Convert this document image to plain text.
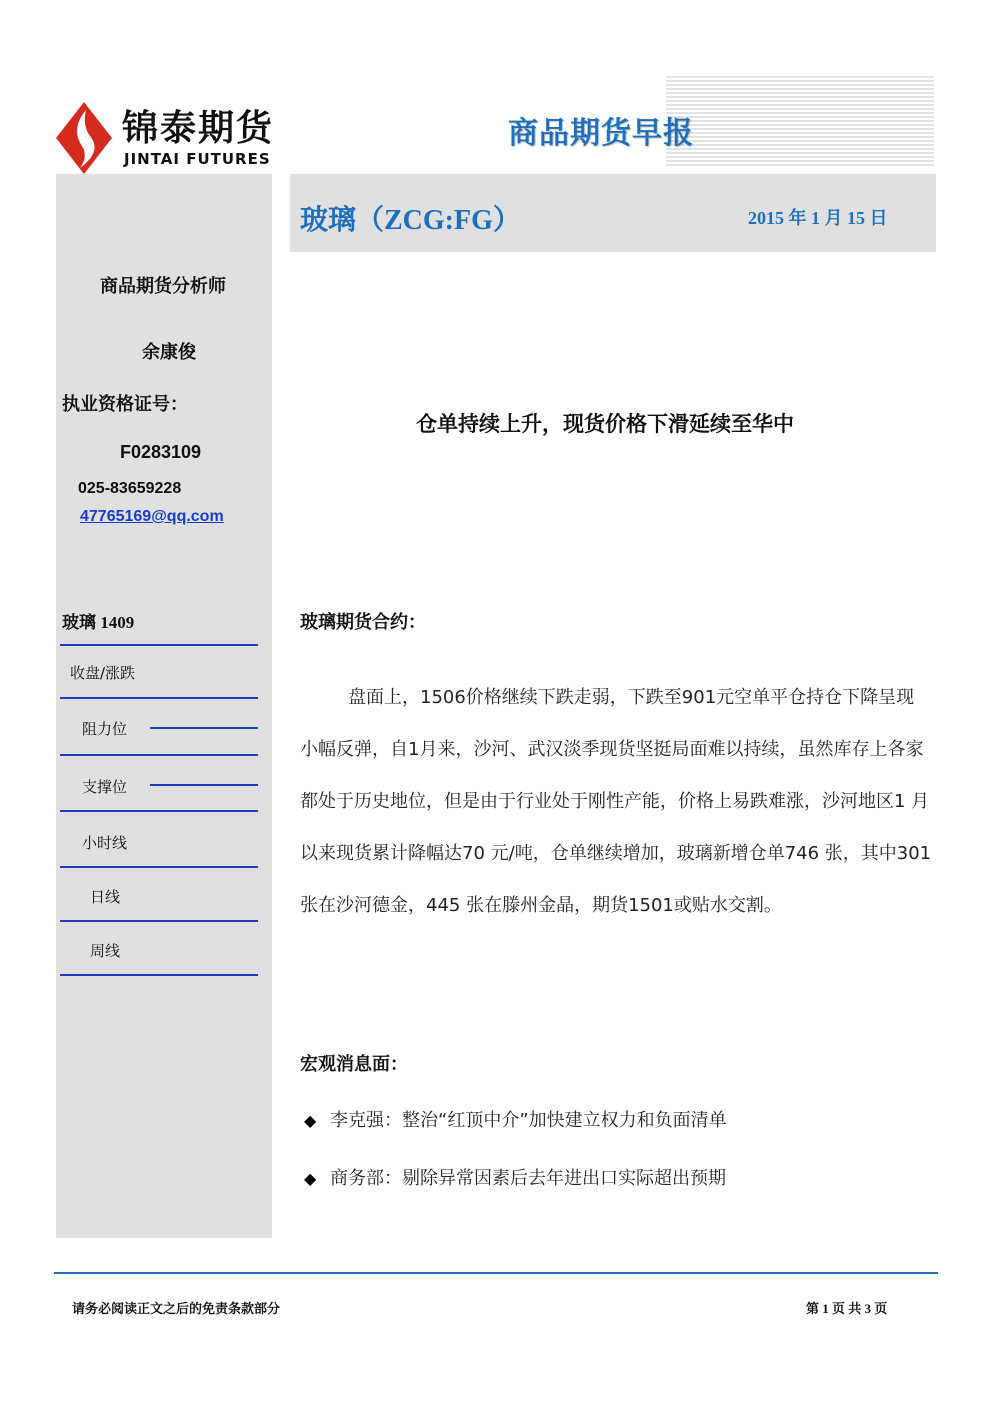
锦泰期货
JINTAI FUTURES
商品期货早报
商品期货分析师
余康俊
执业资格证号：
F0283109
025-83659228
47765169@qq.com
玻璃 1409
收盘/涨跌
阻力位
支撑位
小时线
日线
周线
玻璃（ZCG:FG）	2015 年 1 月 15 日
仓单持续上升，现货价格下滑延续至华中
玻璃期货合约：
盘面上，1506价格继续下跌走弱，下跌至901元空单平仓持仓下降呈现小幅反弹，自1月来，沙河、武汉淡季现货坚挺局面难以持续，虽然库存上各家都处于历史地位，但是由于行业处于刚性产能，价格上易跌难涨，沙河地区1 月以来现货累计降幅达70 元/吨，仓单继续增加，玻璃新增仓单746 张，其中301 张在沙河德金，445 张在滕州金晶，期货1501或贴水交割。
宏观消息面：
◆ 李克强：整治“红顶中介”加快建立权力和负面清单
◆ 商务部：剔除异常因素后去年进出口实际超出预期
请务必阅读正文之后的免责条款部分	第 1 页 共 3 页
